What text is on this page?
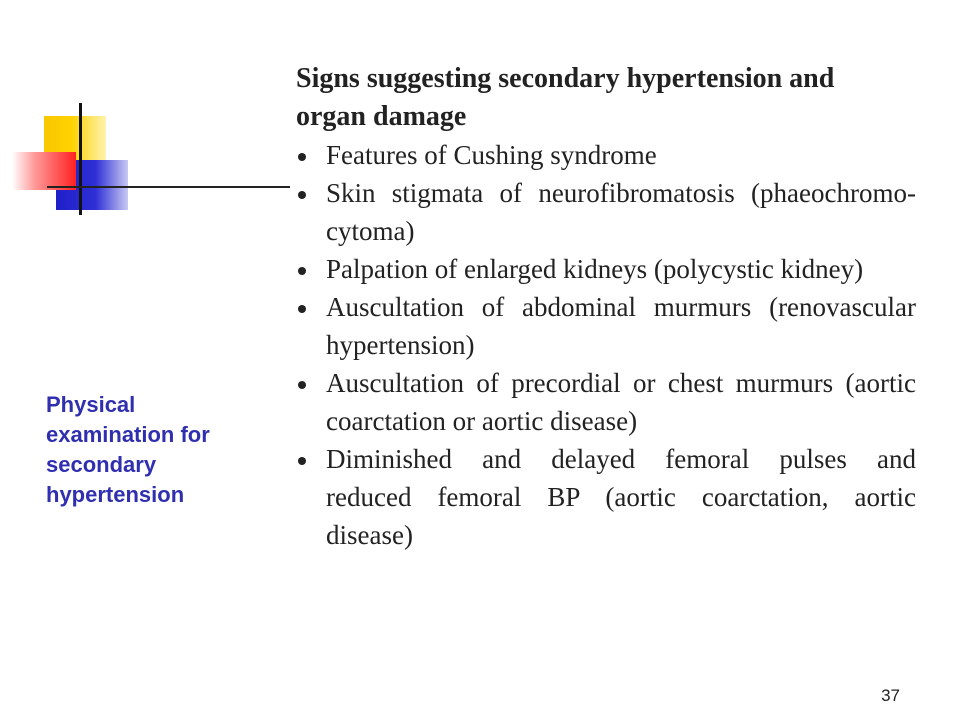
Physical
examination for
secondary
hypertension
Signs suggesting secondary hypertension and
organ damage
Features of Cushing syndrome
Skin stigmata of neurofibromatosis (phaeochromo-
cytoma)
Palpation of enlarged kidneys (polycystic kidney)
Auscultation of abdominal murmurs (renovascular
hypertension)
Auscultation of precordial or chest murmurs (aortic
coarctation or aortic disease)
Diminished and delayed femoral pulses and
reduced femoral BP (aortic coarctation, aortic
disease)
37
